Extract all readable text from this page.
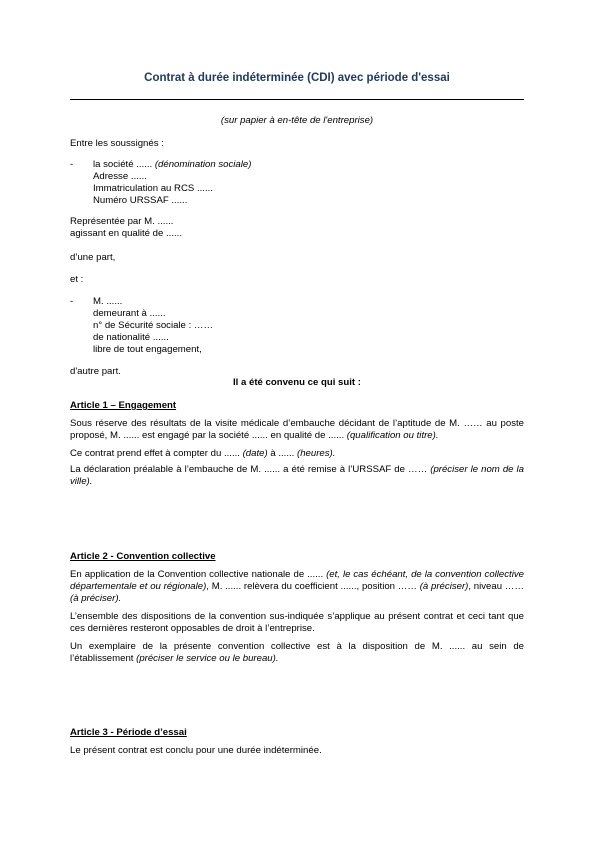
Contrat à durée indéterminée (CDI) avec période d'essai
(sur papier à en-tête de l'entreprise)
Entre les soussignés :
- la société ...... (dénomination sociale)
Adresse ......
Immatriculation au RCS ......
Numéro URSSAF ......
Représentée par M. ......
agissant en qualité de ......
d’une part,
et :
- M. ......
demeurant à ......
n° de Sécurité sociale : ……
de nationalité ......
libre de tout engagement,
d'autre part.
Il a été convenu ce qui suit :
Article 1 – Engagement
Sous réserve des résultats de la visite médicale d’embauche décidant de l’aptitude de M. …… au poste proposé, M. ...... est engagé par la société ...... en qualité de ...... (qualification ou titre).
Ce contrat prend effet à compter du ...... (date) à ...... (heures).
La déclaration préalable à l’embauche de M. ...... a été remise à l’URSSAF de …… (préciser le nom de la ville).
Article 2 - Convention collective
En application de la Convention collective nationale de ...... (et, le cas échéant, de la convention collective départementale et ou régionale), M. ...... relèvera du coefficient ......, position …… (à préciser), niveau …… (à préciser).
L’ensemble des dispositions de la convention sus-indiquée s’applique au présent contrat et ceci tant que ces dernières resteront opposables de droit à l’entreprise.
Un exemplaire de la présente convention collective est à la disposition de M. ...... au sein de l’établissement (préciser le service ou le bureau).
Article 3 - Période d’essai
Le présent contrat est conclu pour une durée indéterminée.
